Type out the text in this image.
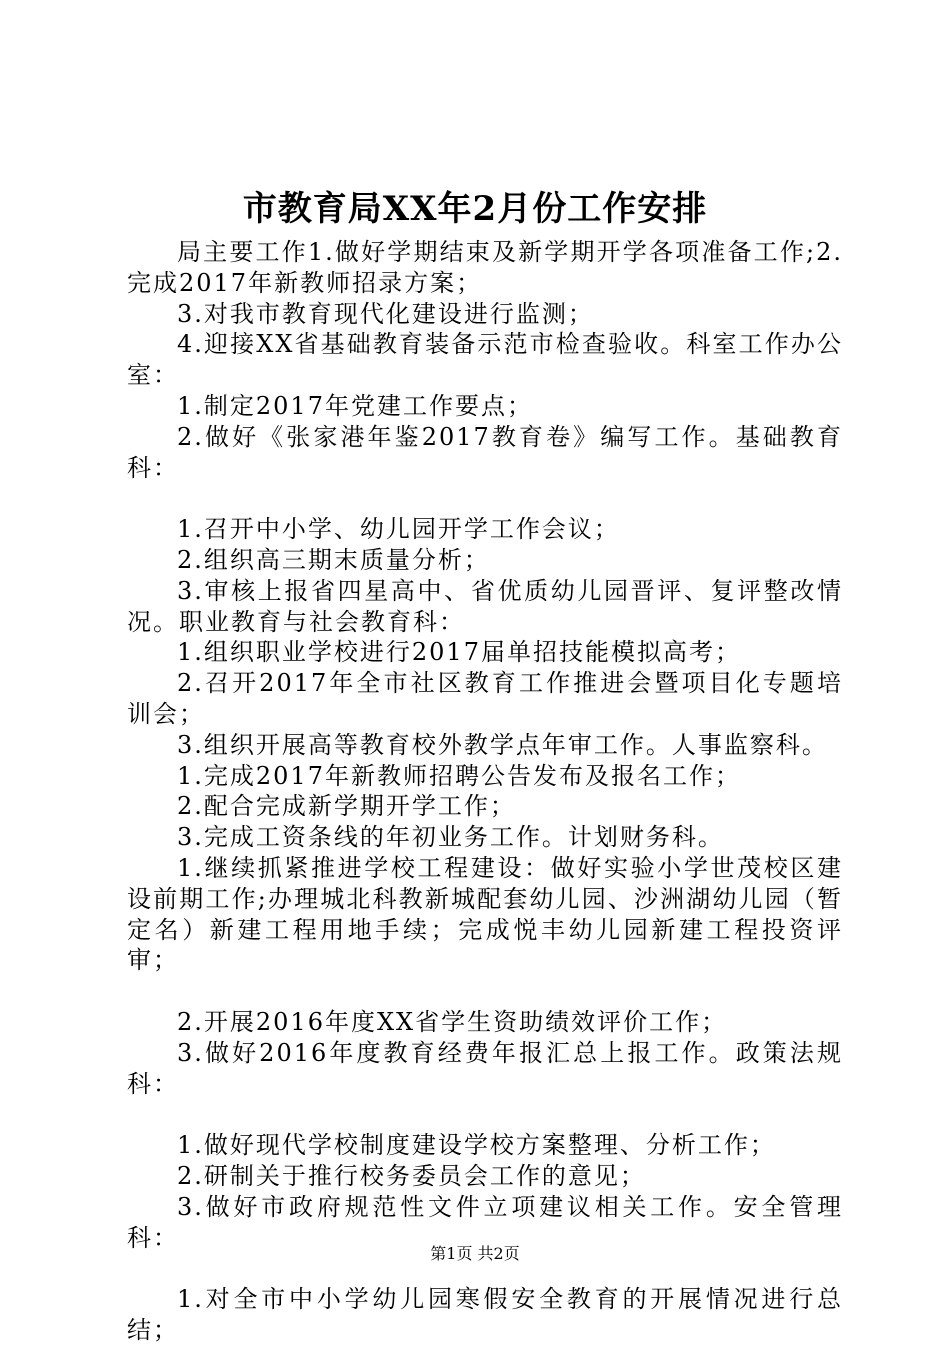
市教育局XX年2月份工作安排

局主要工作1.做好学期结束及新学期开学各项准备工作;2.完成2017年新教师招录方案；

3.对我市教育现代化建设进行监测；

4.迎接XX省基础教育装备示范市检查验收。科室工作办公室：

1.制定2017年党建工作要点；

2.做好《张家港年鉴2017教育卷》编写工作。基础教育科：

1.召开中小学、幼儿园开学工作会议；

2.组织高三期末质量分析；

3.审核上报省四星高中、省优质幼儿园晋评、复评整改情况。职业教育与社会教育科：

1.组织职业学校进行2017届单招技能模拟高考；

2.召开2017年全市社区教育工作推进会暨项目化专题培训会；

3.组织开展高等教育校外教学点年审工作。人事监察科。

1.完成2017年新教师招聘公告发布及报名工作；

2.配合完成新学期开学工作；

3.完成工资条线的年初业务工作。计划财务科。

1.继续抓紧推进学校工程建设：做好实验小学世茂校区建设前期工作;办理城北科教新城配套幼儿园、沙洲湖幼儿园（暂定名）新建工程用地手续；完成悦丰幼儿园新建工程投资评审；

2.开展2016年度XX省学生资助绩效评价工作；

3.做好2016年度教育经费年报汇总上报工作。政策法规科：

1.做好现代学校制度建设学校方案整理、分析工作；

2.研制关于推行校务委员会工作的意见；

3.做好市政府规范性文件立项建议相关工作。安全管理科：

1.对全市中小学幼儿园寒假安全教育的开展情况进行总结；

第1页 共2页
